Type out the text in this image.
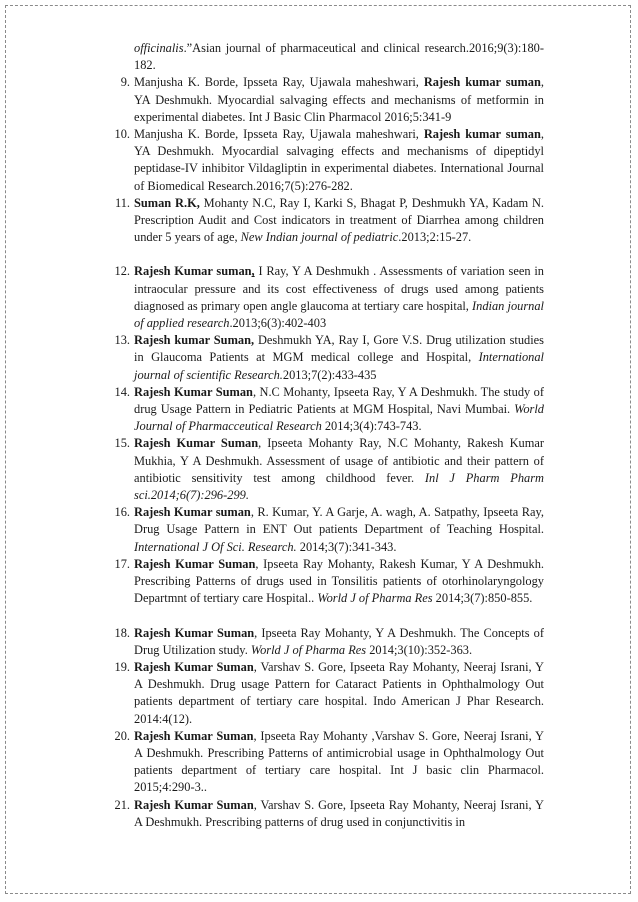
officinalis.”Asian journal of pharmaceutical and clinical research.2016;9(3):180-182.
9. Manjusha K. Borde, Ipsseta Ray, Ujawala maheshwari, Rajesh kumar suman, YA Deshmukh. Myocardial salvaging effects and mechanisms of metformin in experimental diabetes. Int J Basic Clin Pharmacol 2016;5:341-9
10. Manjusha K. Borde, Ipsseta Ray, Ujawala maheshwari, Rajesh kumar suman, YA Deshmukh. Myocardial salvaging effects and mechanisms of dipeptidyl peptidase-IV inhibitor Vildagliptin in experimental diabetes. International Journal of Biomedical Research.2016;7(5):276-282.
11. Suman R.K, Mohanty N.C, Ray I, Karki S, Bhagat P, Deshmukh YA, Kadam N. Prescription Audit and Cost indicators in treatment of Diarrhea among children under 5 years of age, New Indian journal of pediatric.2013;2:15-27.
12. Rajesh Kumar suman, I Ray, Y A Deshmukh . Assessments of variation seen in intraocular pressure and its cost effectiveness of drugs used among patients diagnosed as primary open angle glaucoma at tertiary care hospital, Indian journal of applied research.2013;6(3):402-403
13. Rajesh kumar Suman, Deshmukh YA, Ray I, Gore V.S. Drug utilization studies in Glaucoma Patients at MGM medical college and Hospital, International journal of scientific Research.2013;7(2):433-435
14. Rajesh Kumar Suman, N.C Mohanty, Ipseeta Ray, Y A Deshmukh. The study of drug Usage Pattern in Pediatric Patients at MGM Hospital, Navi Mumbai. World Journal of Pharmacceutical Research 2014;3(4):743-743.
15. Rajesh Kumar Suman, Ipseeta Mohanty Ray, N.C Mohanty, Rakesh Kumar Mukhia, Y A Deshmukh. Assessment of usage of antibiotic and their pattern of antibiotic sensitivity test among childhood fever. Inl J Pharm Pharm sci.2014;6(7):296-299.
16. Rajesh Kumar suman, R. Kumar, Y. A Garje, A. wagh, A. Satpathy, Ipseeta Ray, Drug Usage Pattern in ENT Out patients Department of Teaching Hospital. International J Of Sci. Research. 2014;3(7):341-343.
17. Rajesh Kumar Suman, Ipseeta Ray Mohanty, Rakesh Kumar, Y A Deshmukh. Prescribing Patterns of drugs used in Tonsilitis patients of otorhinolaryngology Departmnt of tertiary care Hospital.. World J of Pharma Res 2014;3(7):850-855.
18. Rajesh Kumar Suman, Ipseeta Ray Mohanty, Y A Deshmukh. The Concepts of Drug Utilization study. World J of Pharma Res 2014;3(10):352-363.
19. Rajesh Kumar Suman, Varshav S. Gore, Ipseeta Ray Mohanty, Neeraj Israni, Y A Deshmukh. Drug usage Pattern for Cataract Patients in Ophthalmology Out patients department of tertiary care hospital. Indo American J Phar Research. 2014:4(12).
20. Rajesh Kumar Suman, Ipseeta Ray Mohanty ,Varshav S. Gore, Neeraj Israni, Y A Deshmukh. Prescribing Patterns of antimicrobial usage in Ophthalmology Out patients department of tertiary care hospital. Int J basic clin Pharmacol. 2015;4:290-3..
21. Rajesh Kumar Suman, Varshav S. Gore, Ipseeta Ray Mohanty, Neeraj Israni, Y A Deshmukh. Prescribing patterns of drug used in conjunctivitis in
